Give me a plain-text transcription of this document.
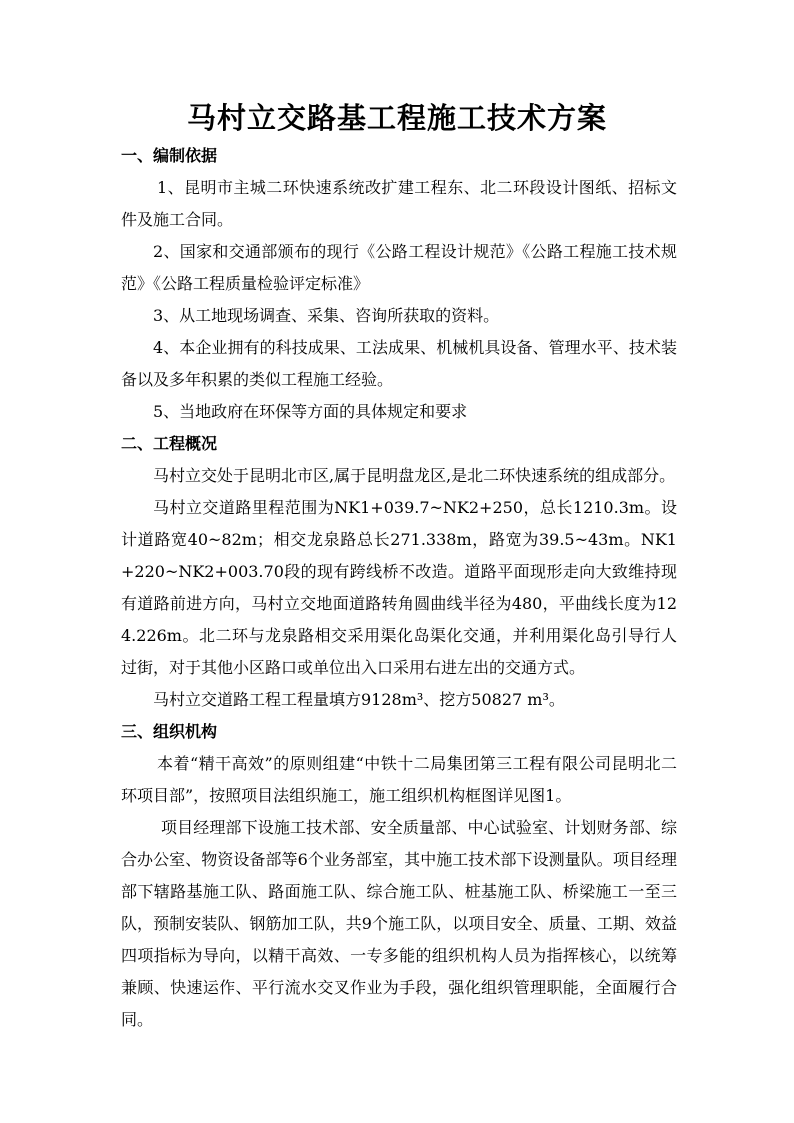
马村立交路基工程施工技术方案

一、编制依据

1、昆明市主城二环快速系统改扩建工程东、北二环段设计图纸、招标文件及施工合同。

2、国家和交通部颁布的现行《公路工程设计规范》《公路工程施工技术规范》《公路工程质量检验评定标准》

3、从工地现场调查、采集、咨询所获取的资料。

4、本企业拥有的科技成果、工法成果、机械机具设备、管理水平、技术装备以及多年积累的类似工程施工经验。

5、当地政府在环保等方面的具体规定和要求

二、工程概况

马村立交处于昆明北市区,属于昆明盘龙区,是北二环快速系统的组成部分。

马村立交道路里程范围为NK1+039.7~NK2+250，总长1210.3m。设计道路宽40~82m；相交龙泉路总长271.338m，路宽为39.5~43m。NK1+220~NK2+003.70段的现有跨线桥不改造。道路平面现形走向大致维持现有道路前进方向，马村立交地面道路转角圆曲线半径为480，平曲线长度为124.226m。北二环与龙泉路相交采用渠化岛渠化交通，并利用渠化岛引导行人过街，对于其他小区路口或单位出入口采用右进左出的交通方式。

马村立交道路工程工程量填方9128m³、挖方50827 m³。

三、组织机构

本着“精干高效”的原则组建“中铁十二局集团第三工程有限公司昆明北二环项目部”，按照项目法组织施工，施工组织机构框图详见图1。

项目经理部下设施工技术部、安全质量部、中心试验室、计划财务部、综合办公室、物资设备部等6个业务部室，其中施工技术部下设测量队。项目经理部下辖路基施工队、路面施工队、综合施工队、桩基施工队、桥梁施工一至三队，预制安装队、钢筋加工队，共9个施工队，以项目安全、质量、工期、效益四项指标为导向，以精干高效、一专多能的组织机构人员为指挥核心，以统筹兼顾、快速运作、平行流水交叉作业为手段，强化组织管理职能，全面履行合同。
